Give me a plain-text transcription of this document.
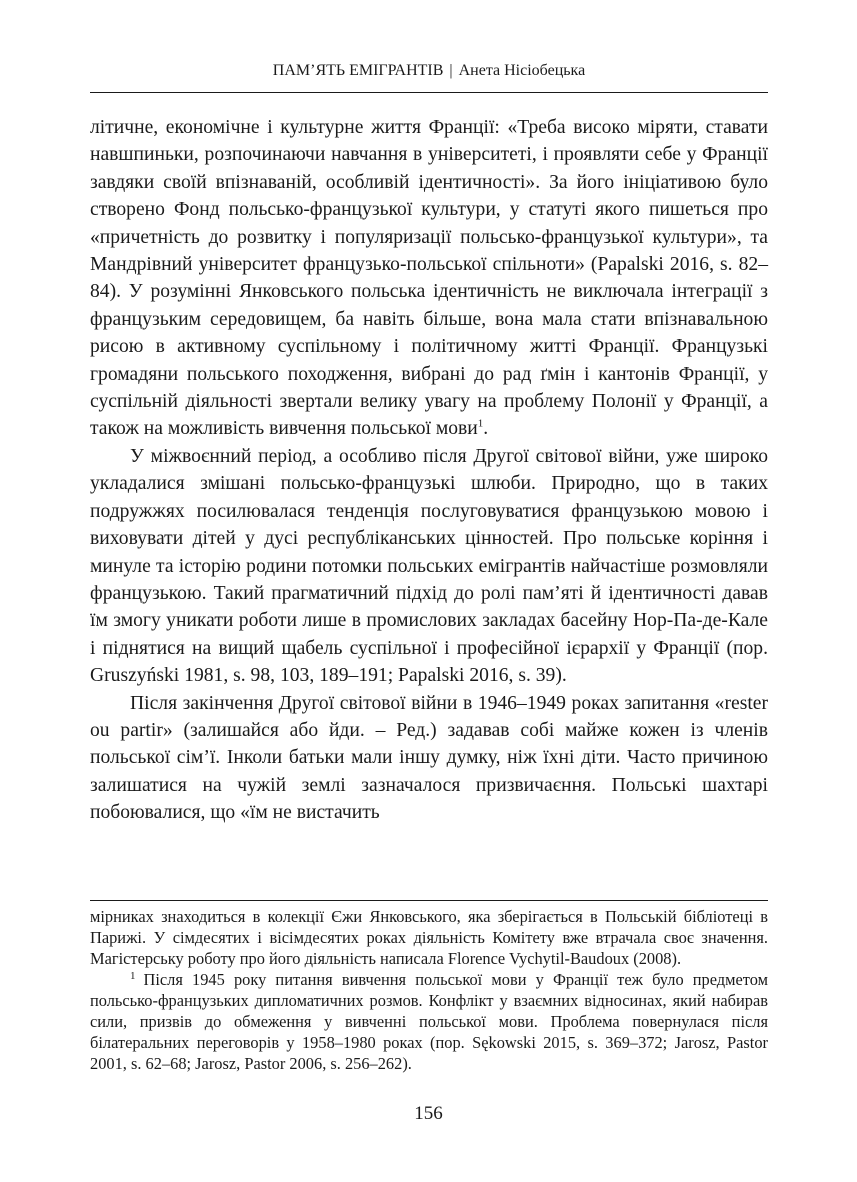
ПАМ’ЯТЬ ЕМІГРАНТІВ | Анета Нісіобецька

літичне, економічне і культурне життя Франції: «Треба високо міряти, ставати навшпиньки, розпочинаючи навчання в університеті, і проявляти себе у Франції завдяки своїй впізнаваній, особливій ідентичності». За його ініціативою було створено Фонд польсько-французької культури, у статуті якого пишеться про «причетність до розвитку і популяризації польсько-французької культури», та Мандрівний університет французько-польської спільноти» (Papalski 2016, s. 82–84). У розумінні Янковського польська ідентичність не виключала інтеграції з французьким середовищем, ба навіть більше, вона мала стати впізнавальною рисою в активному суспільному і політичному житті Франції. Французькі громадяни польського походження, вибрані до рад ґмін і кантонів Франції, у суспільній діяльності звертали велику увагу на проблему Полонії у Франції, а також на можливість вивчення польської мови$^1$.

У міжвоєнний період, а особливо після Другої світової війни, уже широко укладалися змішані польсько-французькі шлюби. Природно, що в таких подружжях посилювалася тенденція послуговуватися французькою мовою і виховувати дітей у дусі республіканських цінностей. Про польське коріння і минуле та історію родини потомки польських емігрантів найчастіше розмовляли французькою. Такий прагматичний підхід до ролі пам’яті й ідентичності давав їм змогу уникати роботи лише в промислових закладах басейну Нор-Па-де-Кале і піднятися на вищий щабель суспільної і професійної ієрархії у Франції (пор. Gruszyński 1981, s. 98, 103, 189–191; Papalski 2016, s. 39).

Після закінчення Другої світової війни в 1946–1949 роках запитання «rester ou partir» (залишайся або йди. – Ред.) задавав собі майже кожен із членів польської сім’ї. Інколи батьки мали іншу думку, ніж їхні діти. Часто причиною залишатися на чужій землі зазначалося призвичаєння. Польські шахтарі побоювалися, що «їм не вистачить

мірниках знаходиться в колекції Єжи Янковського, яка зберігається в Польській бібліотеці в Парижі. У сімдесятих і вісімдесятих роках діяльність Комітету вже втрачала своє значення. Магістерську роботу про його діяльність написала Florence Vychytil-Baudoux (2008).

$^1$ Після 1945 року питання вивчення польської мови у Франції теж було предметом польсько-французьких дипломатичних розмов. Конфлікт у взаємних відносинах, який набирав сили, призвів до обмеження у вивченні польської мови. Проблема повернулася після білатеральних переговорів у 1958–1980 роках (пор. Sękowski 2015, s. 369–372; Jarosz, Pastor 2001, s. 62–68; Jarosz, Pastor 2006, s. 256–262).

156
